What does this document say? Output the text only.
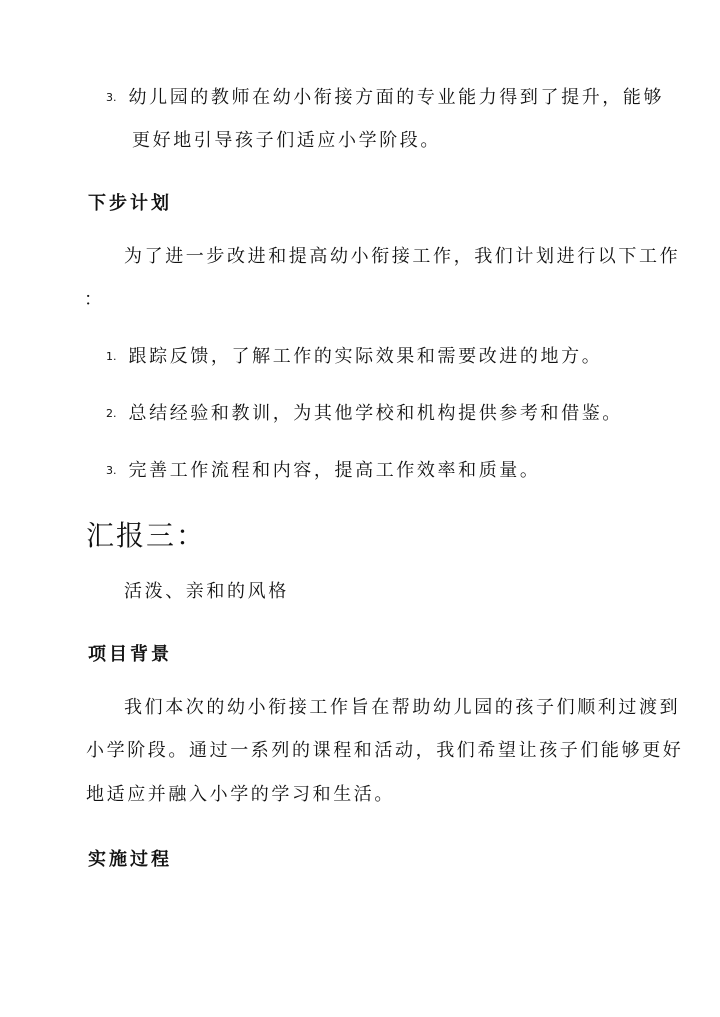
3. 幼儿园的教师在幼小衔接方面的专业能力得到了提升，能够
更好地引导孩子们适应小学阶段。
下步计划
为了进一步改进和提高幼小衔接工作，我们计划进行以下工作
：
1. 跟踪反馈，了解工作的实际效果和需要改进的地方。
2. 总结经验和教训，为其他学校和机构提供参考和借鉴。
3. 完善工作流程和内容，提高工作效率和质量。
汇报三：
活泼、亲和的风格
项目背景
我们本次的幼小衔接工作旨在帮助幼儿园的孩子们顺利过渡到
小学阶段。通过一系列的课程和活动，我们希望让孩子们能够更好
地适应并融入小学的学习和生活。
实施过程
